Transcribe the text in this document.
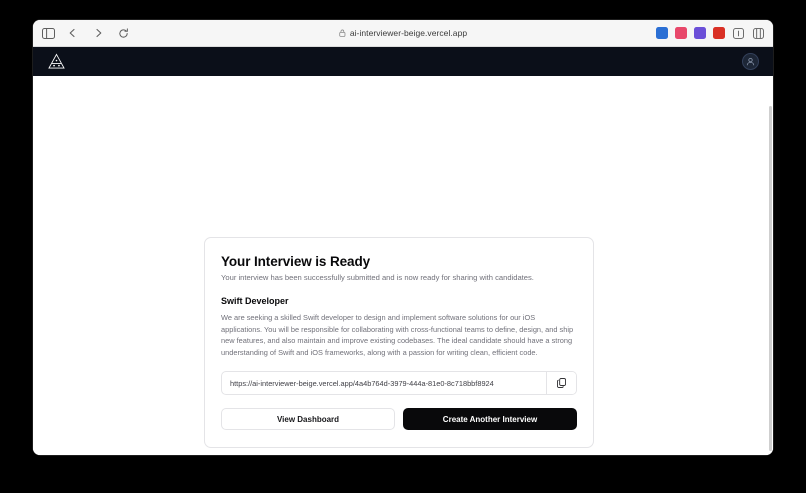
ai-interviewer-beige.vercel.app
Your Interview is Ready

Your interview has been successfully submitted and is now ready for sharing with candidates.

Swift Developer

We are seeking a skilled Swift developer to design and implement software solutions for our iOS applications. You will be responsible for collaborating with cross-functional teams to define, design, and ship new features, and also maintain and improve existing codebases. The ideal candidate should have a strong understanding of Swift and iOS frameworks, along with a passion for writing clean, efficient code.

https://ai-interviewer-beige.vercel.app/4a4b764d-3979-444a-81e0-8c718bbf8924
View Dashboard	Create Another Interview
